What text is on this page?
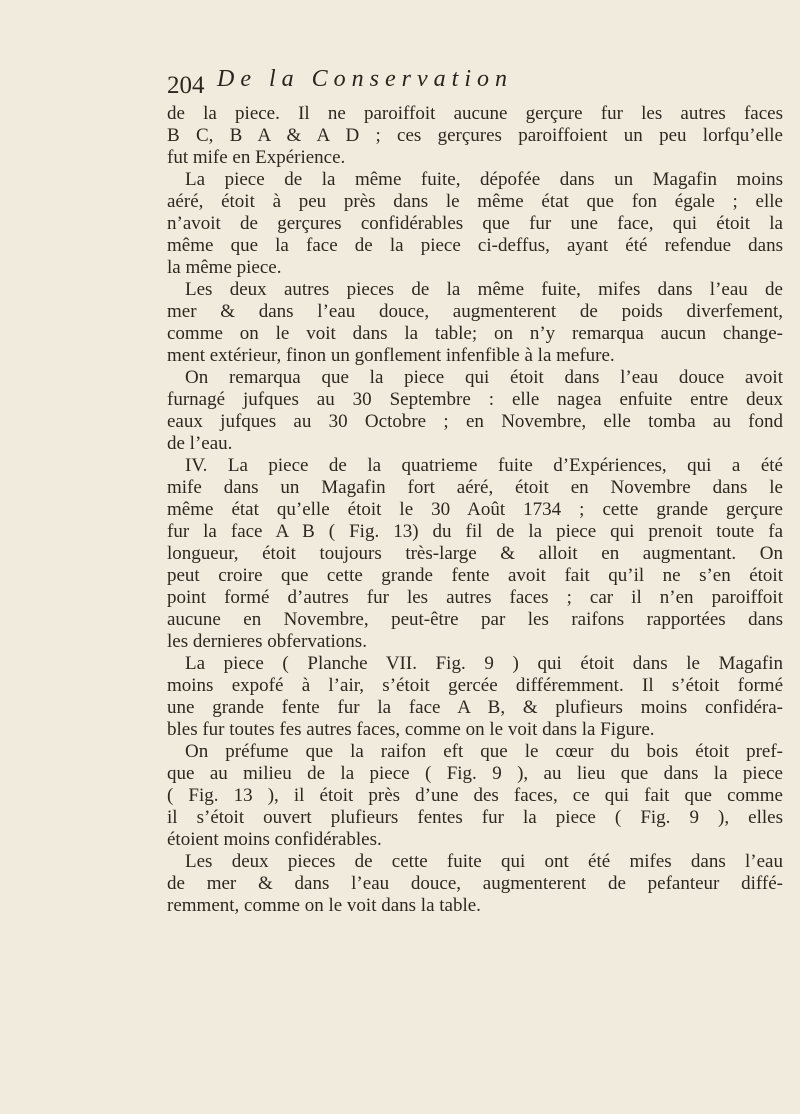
204 De la Conservation
de la piece. Il ne paroiffoit aucune gerçure fur les autres faces
B C, B A & A D ; ces gerçures paroiffoient un peu lorfqu’elle
fut mife en Expérience.
La piece de la même fuite, dépofée dans un Magafin moins
aéré, étoit à peu près dans le même état que fon égale ; elle
n’avoit de gerçures confidérables que fur une face, qui étoit la
même que la face de la piece ci-deffus, ayant été refendue dans
la même piece.
Les deux autres pieces de la même fuite, mifes dans l’eau de
mer & dans l’eau douce, augmenterent de poids diverfement,
comme on le voit dans la table; on n’y remarqua aucun change-
ment extérieur, finon un gonflement infenfible à la mefure.
On remarqua que la piece qui étoit dans l’eau douce avoit
furnagé jufques au 30 Septembre : elle nagea enfuite entre deux
eaux jufques au 30 Octobre ; en Novembre, elle tomba au fond
de l’eau.
IV. La piece de la quatrieme fuite d’Expériences, qui a été
mife dans un Magafin fort aéré, étoit en Novembre dans le
même état qu’elle étoit le 30 Août 1734 ; cette grande gerçure
fur la face A B ( Fig. 13) du fil de la piece qui prenoit toute fa
longueur, étoit toujours très-large & alloit en augmentant. On
peut croire que cette grande fente avoit fait qu’il ne s’en étoit
point formé d’autres fur les autres faces ; car il n’en paroiffoit
aucune en Novembre, peut-être par les raifons rapportées dans
les dernieres obfervations.
La piece ( Planche VII. Fig. 9 ) qui étoit dans le Magafin
moins expofé à l’air, s’étoit gercée différemment. Il s’étoit formé
une grande fente fur la face A B, & plufieurs moins confidéra-
bles fur toutes fes autres faces, comme on le voit dans la Figure.
On préfume que la raifon eft que le cœur du bois étoit pref-
que au milieu de la piece ( Fig. 9 ), au lieu que dans la piece
( Fig. 13 ), il étoit près d’une des faces, ce qui fait que comme
il s’étoit ouvert plufieurs fentes fur la piece ( Fig. 9 ), elles
étoient moins confidérables.
Les deux pieces de cette fuite qui ont été mifes dans l’eau
de mer & dans l’eau douce, augmenterent de pefanteur diffé-
remment, comme on le voit dans la table.
